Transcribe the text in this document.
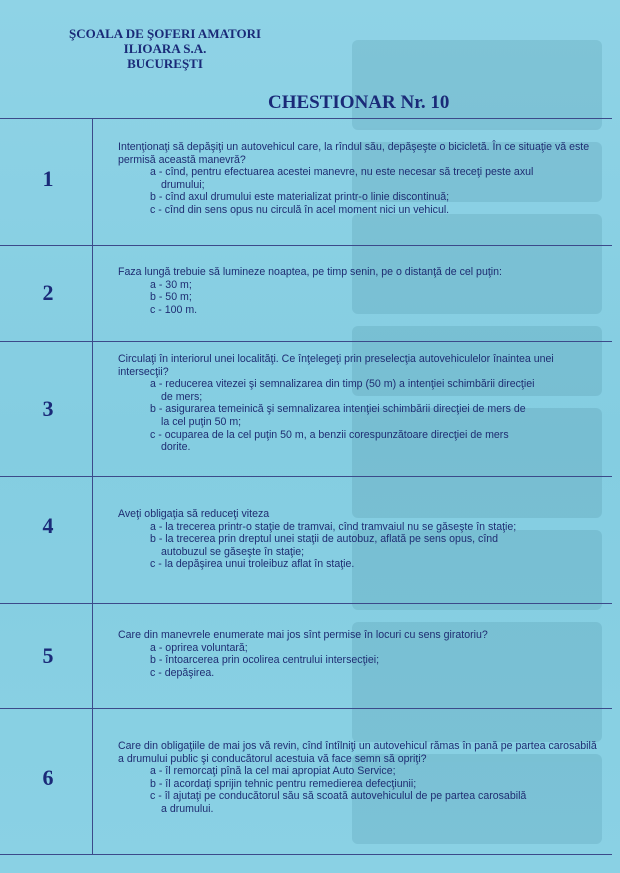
ŞCOALA DE ŞOFERI AMATORI
ILIOARA S.A.
BUCUREŞTI
CHESTIONAR Nr. 10
1
Intenţionaţi să depăşiţi un autovehicul care, la rîndul său, depăşeşte o bicicletă. În ce situaţie vă este permisă această manevră?
a - cînd, pentru efectuarea acestei manevre, nu este necesar să treceţi peste axul
drumului;
b - cînd axul drumului este materializat printr-o linie discontinuă;
c - cînd din sens opus nu circulă în acel moment nici un vehicul.
2
Faza lungă trebuie să lumineze noaptea, pe timp senin, pe o distanţă de cel puţin:
a - 30 m;
b - 50 m;
c - 100 m.
3
Circulaţi în interiorul unei localităţi. Ce înţelegeţi prin preselecţia autovehiculelor înaintea unei intersecţii?
a - reducerea vitezei şi semnalizarea din timp (50 m) a intenţiei schimbării direcţiei
de mers;
b - asigurarea temeinică şi semnalizarea intenţiei schimbării direcţiei de mers de
la cel puţin 50 m;
c - ocuparea de la cel puţin 50 m, a benzii corespunzătoare direcţiei de mers
dorite.
4	Aveţi obligaţia să reduceţi viteza
a - la trecerea printr-o staţie de tramvai, cînd tramvaiul nu se găseşte în staţie;
b - la trecerea prin dreptul unei staţii de autobuz, aflată pe sens opus, cînd
autobuzul se găseşte în staţie;
c - la depăşirea unui troleibuz aflat în staţie.
5
Care din manevrele enumerate mai jos sînt permise în locuri cu sens giratoriu?
a - oprirea voluntară;
b - întoarcerea prin ocolirea centrului intersecţiei;
c - depăşirea.
6
Care din obligaţiile de mai jos vă revin, cînd întîlniţi un autovehicul rămas în pană pe partea carosabilă a drumului public şi conducătorul acestuia vă face semn să opriţi?
a - îl remorcaţi pînă la cel mai apropiat Auto Service;
b - îl acordaţi sprijin tehnic pentru remedierea defecţiunii;
c - îl ajutaţi pe conducătorul său să scoată autovehiculul de pe partea carosabilă
a drumului.
